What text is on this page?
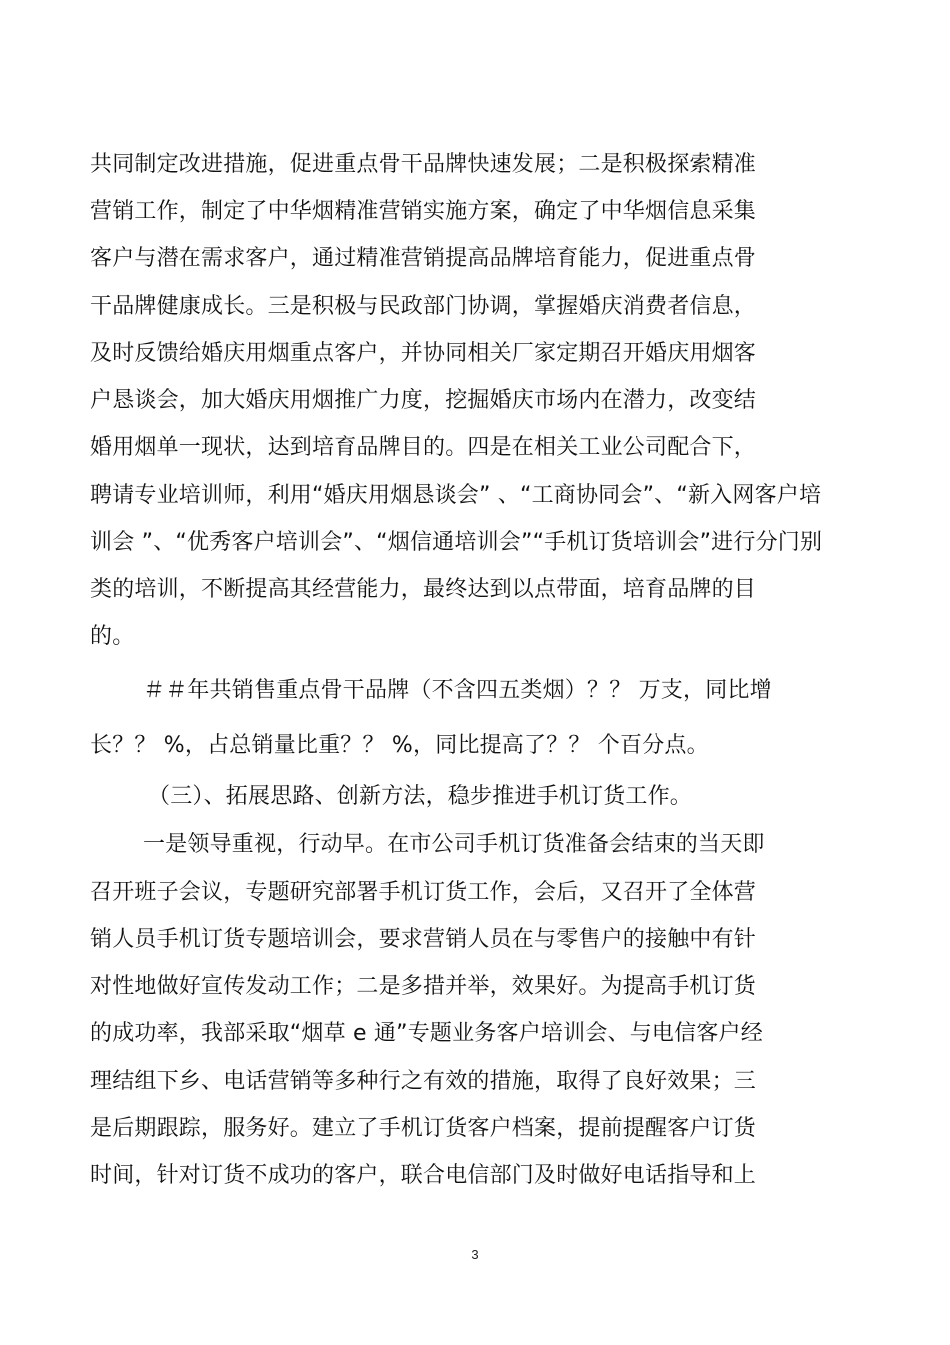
共同制定改进措施，促进重点骨干品牌快速发展；二是积极探索精准
营销工作，制定了中华烟精准营销实施方案，确定了中华烟信息采集
客户与潜在需求客户，通过精准营销提高品牌培育能力，促进重点骨
干品牌健康成长。三是积极与民政部门协调，掌握婚庆消费者信息，
及时反馈给婚庆用烟重点客户，并协同相关厂家定期召开婚庆用烟客
户恳谈会，加大婚庆用烟推广力度，挖掘婚庆市场内在潜力，改变结
婚用烟单一现状，达到培育品牌目的。四是在相关工业公司配合下，
聘请专业培训师，利用“婚庆用烟恳谈会” 、“工商协同会”、“新入网客户培
训会 ”、“优秀客户培训会”、“烟信通培训会”“手机订货培训会”进行分门别
类的培训，不断提高其经营能力，最终达到以点带面，培育品牌的目
的。
＃＃年共销售重点骨干品牌（不含四五类烟）？？ 万支，同比增
长？？ %，占总销量比重？？ %，同比提高了？？ 个百分点。
（三）、拓展思路、创新方法，稳步推进手机订货工作。
一是领导重视，行动早。在市公司手机订货准备会结束的当天即
召开班子会议，专题研究部署手机订货工作，会后，又召开了全体营
销人员手机订货专题培训会，要求营销人员在与零售户的接触中有针
对性地做好宣传发动工作；二是多措并举，效果好。为提高手机订货
的成功率，我部采取“烟草 e 通”专题业务客户培训会、与电信客户经
理结组下乡、电话营销等多种行之有效的措施，取得了良好效果；三
是后期跟踪，服务好。建立了手机订货客户档案，提前提醒客户订货
时间，针对订货不成功的客户，联合电信部门及时做好电话指导和上
3
